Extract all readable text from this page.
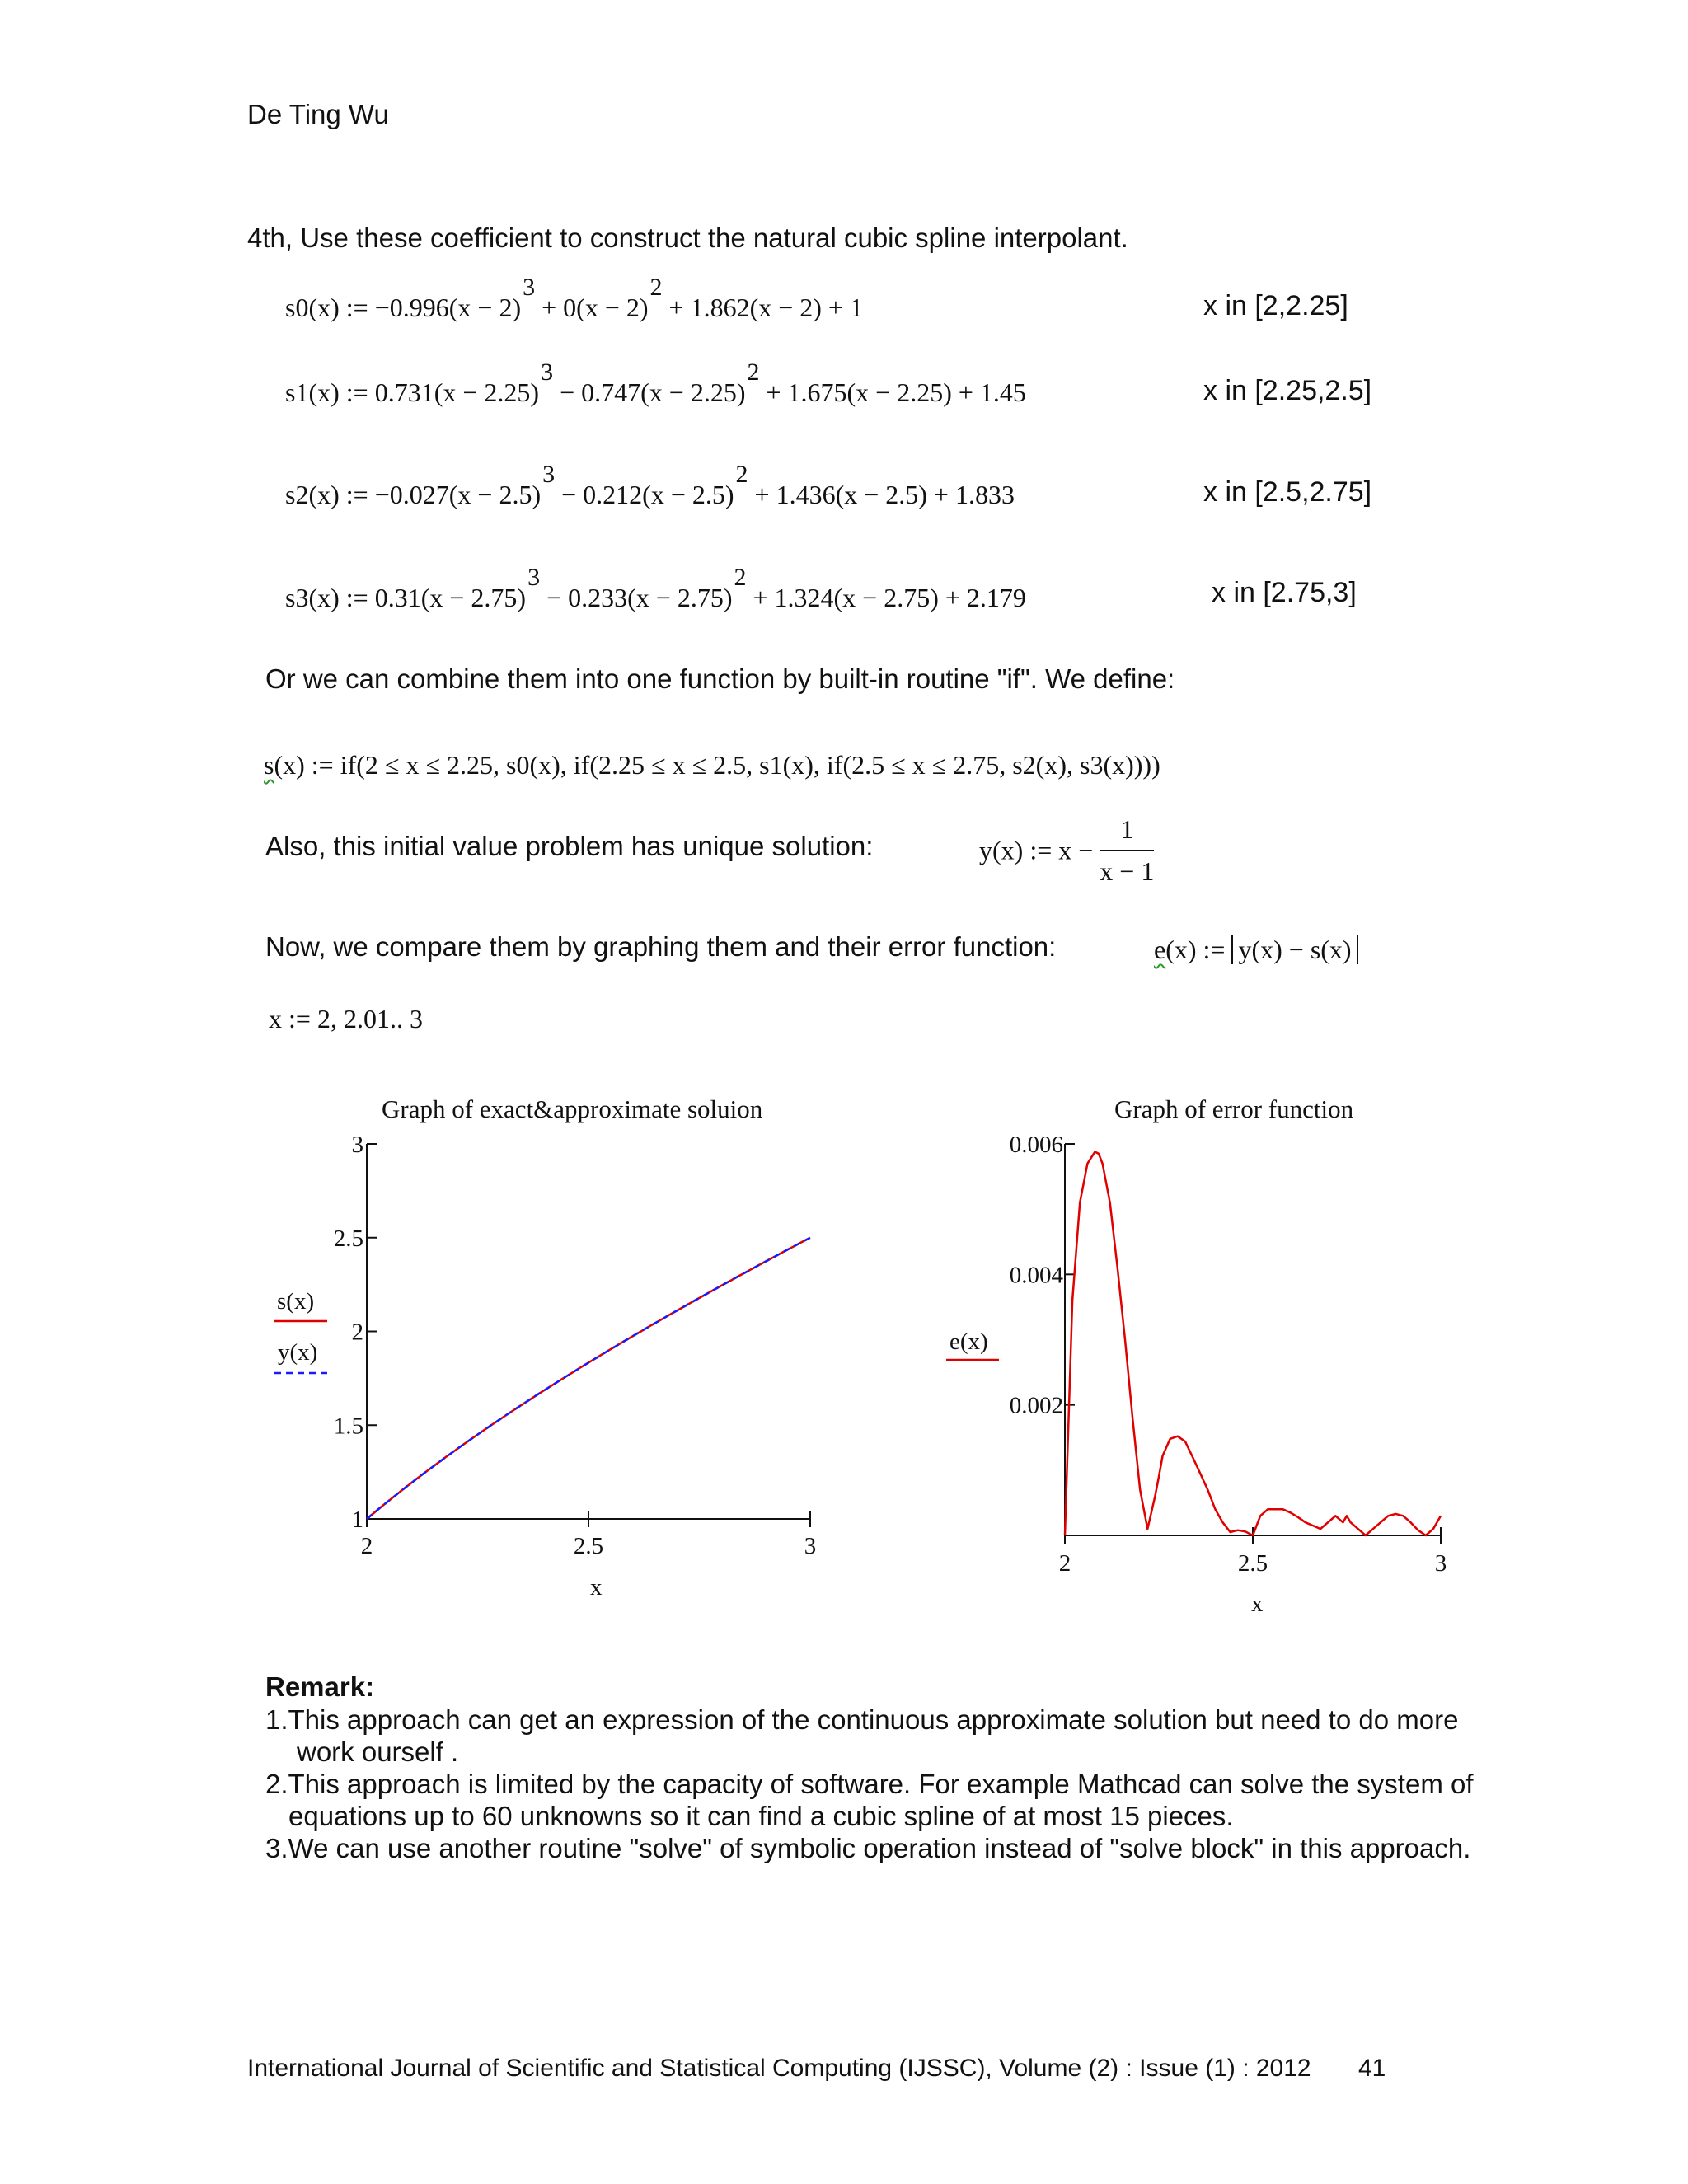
De Ting Wu
4th, Use these coefficient to construct the natural cubic spline interpolant.
s0(x) := −0.996(x − 2)3 + 0(x − 2)2 + 1.862(x − 2) + 1	x in [2,2.25]
s1(x) := 0.731(x − 2.25)3 − 0.747(x − 2.25)2 + 1.675(x − 2.25) + 1.45	x in [2.25,2.5]
s2(x) := −0.027(x − 2.5)3 − 0.212(x − 2.5)2 + 1.436(x − 2.5) + 1.833	x in [2.5,2.75]
s3(x) := 0.31(x − 2.75)3 − 0.233(x − 2.75)2 + 1.324(x − 2.75) + 2.179	x in [2.75,3]
Or we can combine them into one function by built-in routine "if". We define:
s(x) := if(2 ≤ x ≤ 2.25, s0(x), if(2.25 ≤ x ≤ 2.5, s1(x), if(2.5 ≤ x ≤ 2.75, s2(x), s3(x))))
Also, this initial value problem has unique solution:	y(x) := $x - \frac{1}{x - 1}$
Now, we compare them by graphing them and their error function:	e(x) := y(x) − s(x)
x := 2, 2.01.. 3
Graph of exact&approximate soluion
1
1.5
2
2.5
3
2	2.5	3
s(x)
y(x)
x
Graph of error function
0.002
0.004
0.006
2	2.5	3
e(x)
x
Remark:
1.This approach can get an expression of the continuous approximate solution but need to do more
work ourself .
2.This approach is limited by the capacity of software. For example Mathcad can solve the system of
equations up to 60 unknowns so it can find a cubic spline of at most 15 pieces.
3.We can use another routine "solve" of symbolic operation instead of "solve block" in this approach.
International Journal of Scientific and Statistical Computing (IJSSC), Volume (2) : Issue (1) : 2012 41
